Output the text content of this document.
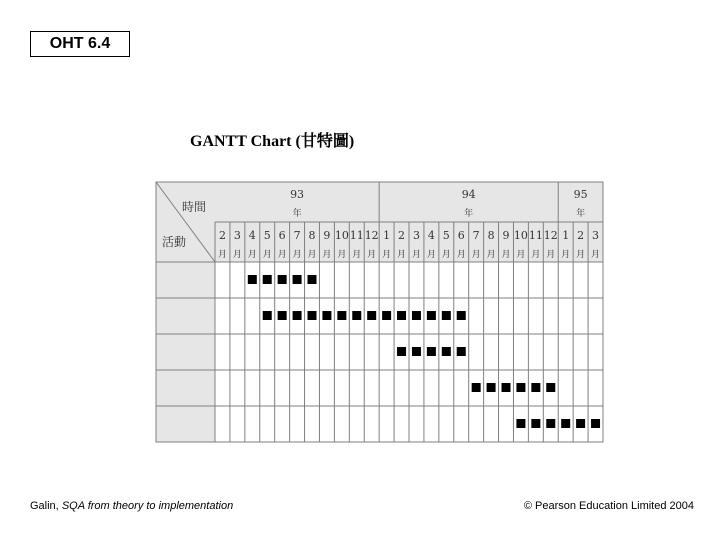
OHT 6.4
GANTT Chart (甘特圖)
時間
活動
93
年
94
年
95
年
2
月
3
月
4
月
5
月
6
月
7
月
8
月
9
月
10
月
11
月
12
月
1
月
2
月
3
月
4
月
5
月
6
月
7
月
8
月
9
月
10
月
11
月
12
月
1
月
2
月
3
月
Galin, SQA from theory to implementation	© Pearson Education Limited 2004
